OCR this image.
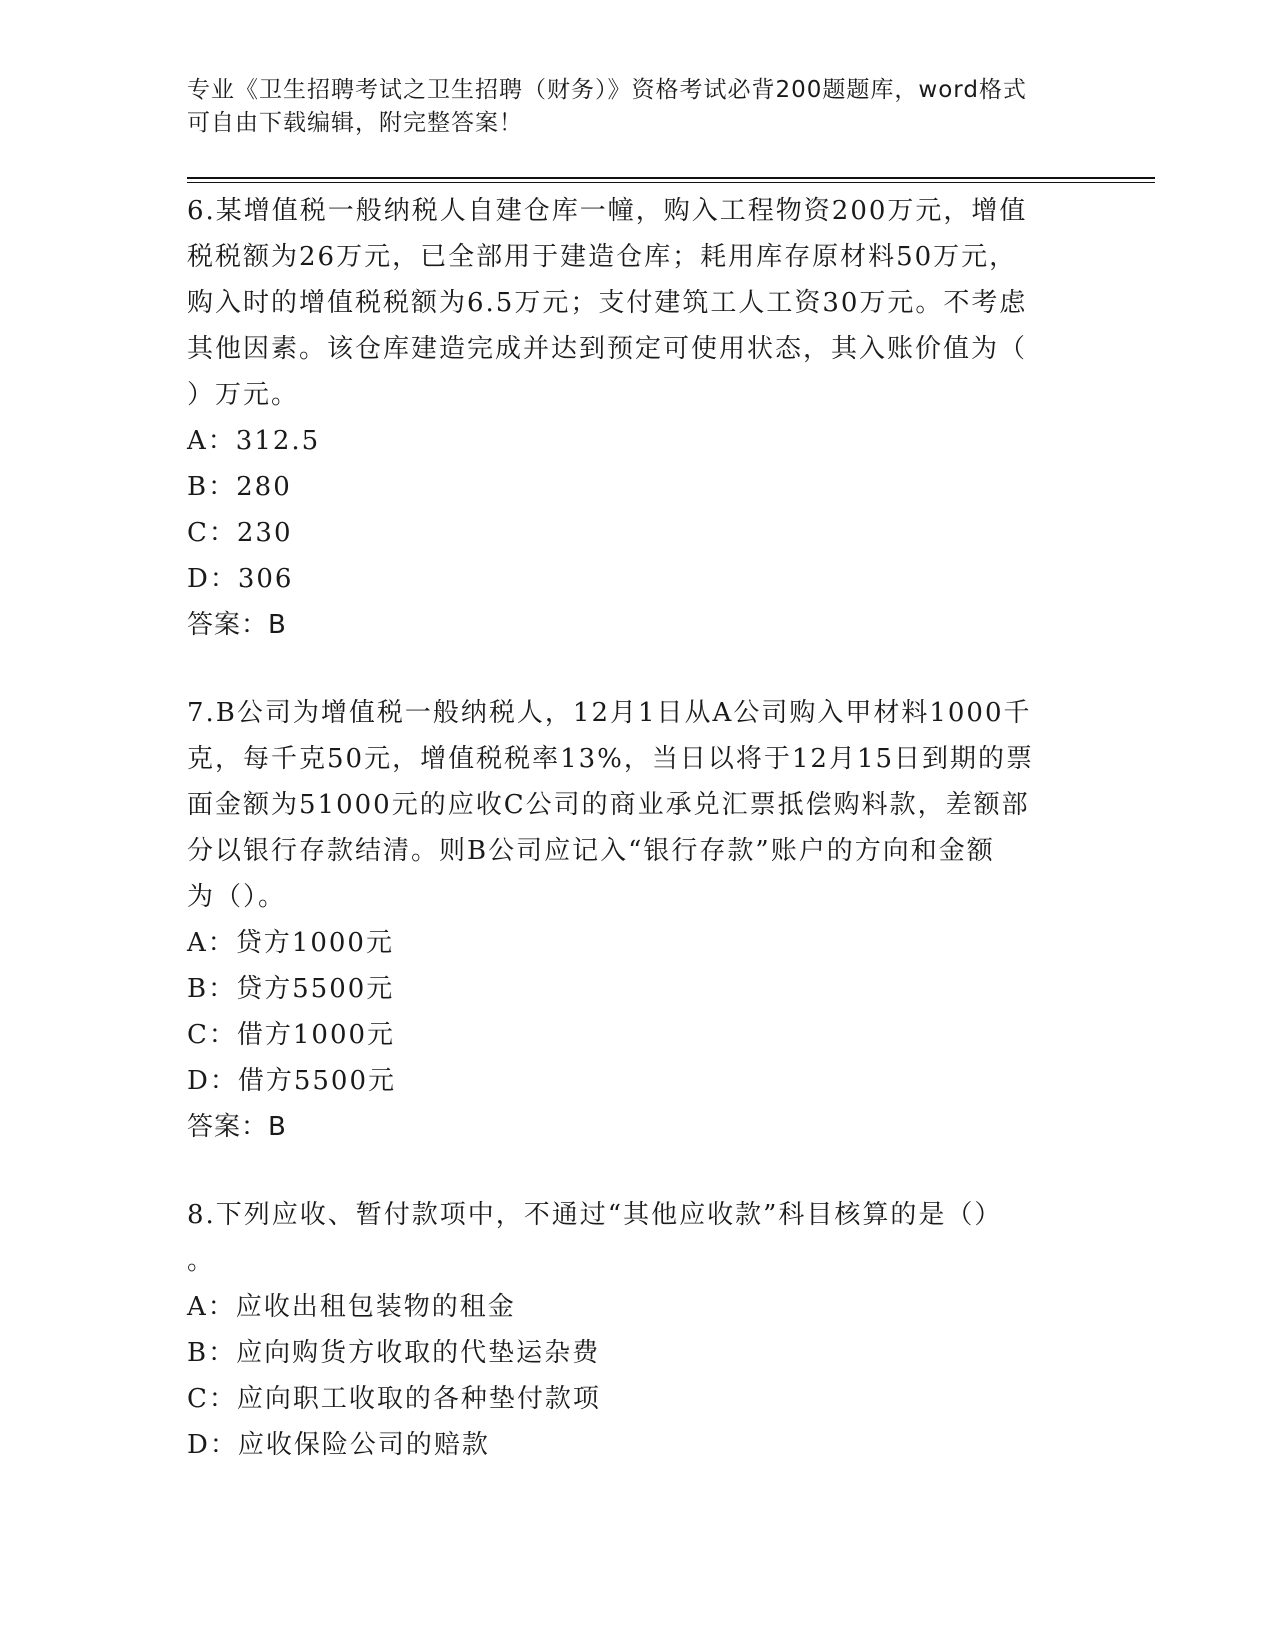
专业《卫生招聘考试之卫生招聘（财务）》资格考试必背200题题库，word格式
可自由下载编辑，附完整答案！
6.某增值税一般纳税人自建仓库一幢，购入工程物资200万元，增值
税税额为26万元，已全部用于建造仓库；耗用库存原材料50万元，
购入时的增值税税额为6.5万元；支付建筑工人工资30万元。不考虑
其他因素。该仓库建造完成并达到预定可使用状态，其入账价值为（
）万元。
A：312.5
B：280
C：230
D：306
答案：B
7.B公司为增值税一般纳税人，12月1日从A公司购入甲材料1000千
克，每千克50元，增值税税率13%，当日以将于12月15日到期的票
面金额为51000元的应收C公司的商业承兑汇票抵偿购料款，差额部
分以银行存款结清。则B公司应记入“银行存款”账户的方向和金额
为（）。
A：贷方1000元
B：贷方5500元
C：借方1000元
D：借方5500元
答案：B
8.下列应收、暂付款项中，不通过“其他应收款”科目核算的是（）
。
A：应收出租包装物的租金
B：应向购货方收取的代垫运杂费
C：应向职工收取的各种垫付款项
D：应收保险公司的赔款
